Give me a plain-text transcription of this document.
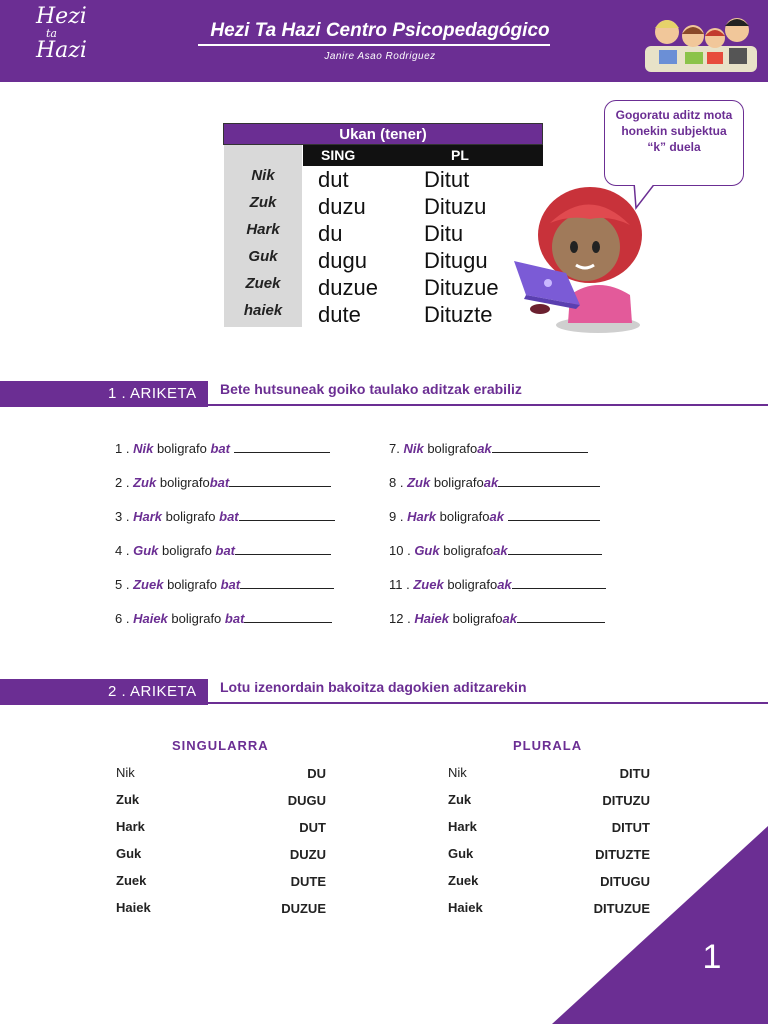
Hezi
ta
Hazi
Hezi Ta Hazi Centro Psicopedagógico
Janire Asao Rodriguez
Ukan (tener)
SING	PL
Nik
Zuk
Hark
Guk
Zuek
haiek
dut
duzu
du
dugu
duzue
dute
Ditut
Dituzu
Ditu
Ditugu
Dituzue
Dituzte
Gogoratu aditz mota honekin subjektua “k” duela
1 . ARIKETA Bete hutsuneak goiko taulako aditzak erabiliz
1 . Nik boligrafo bat
2 . Zuk boligrafobat
3 . Hark boligrafo bat
4 . Guk boligrafo bat
5 . Zuek boligrafo bat
6 . Haiek boligrafo bat
7. Nik boligrafoak
8 . Zuk boligrafoak
9 . Hark boligrafoak
10 . Guk boligrafoak
11 . Zuek boligrafoak
12 . Haiek boligrafoak
2 . ARIKETA Lotu izenordain bakoitza dagokien aditzarekin
SINGULARRA	PLURALA
Nik
Zuk
Hark
Guk
Zuek
Haiek
DU
DUGU
DUT
DUZU
DUTE
DUZUE
Nik
Zuk
Hark
Guk
Zuek
Haiek
DITU
DITUZU
DITUT
DITUZTE
DITUGU
DITUZUE
1
